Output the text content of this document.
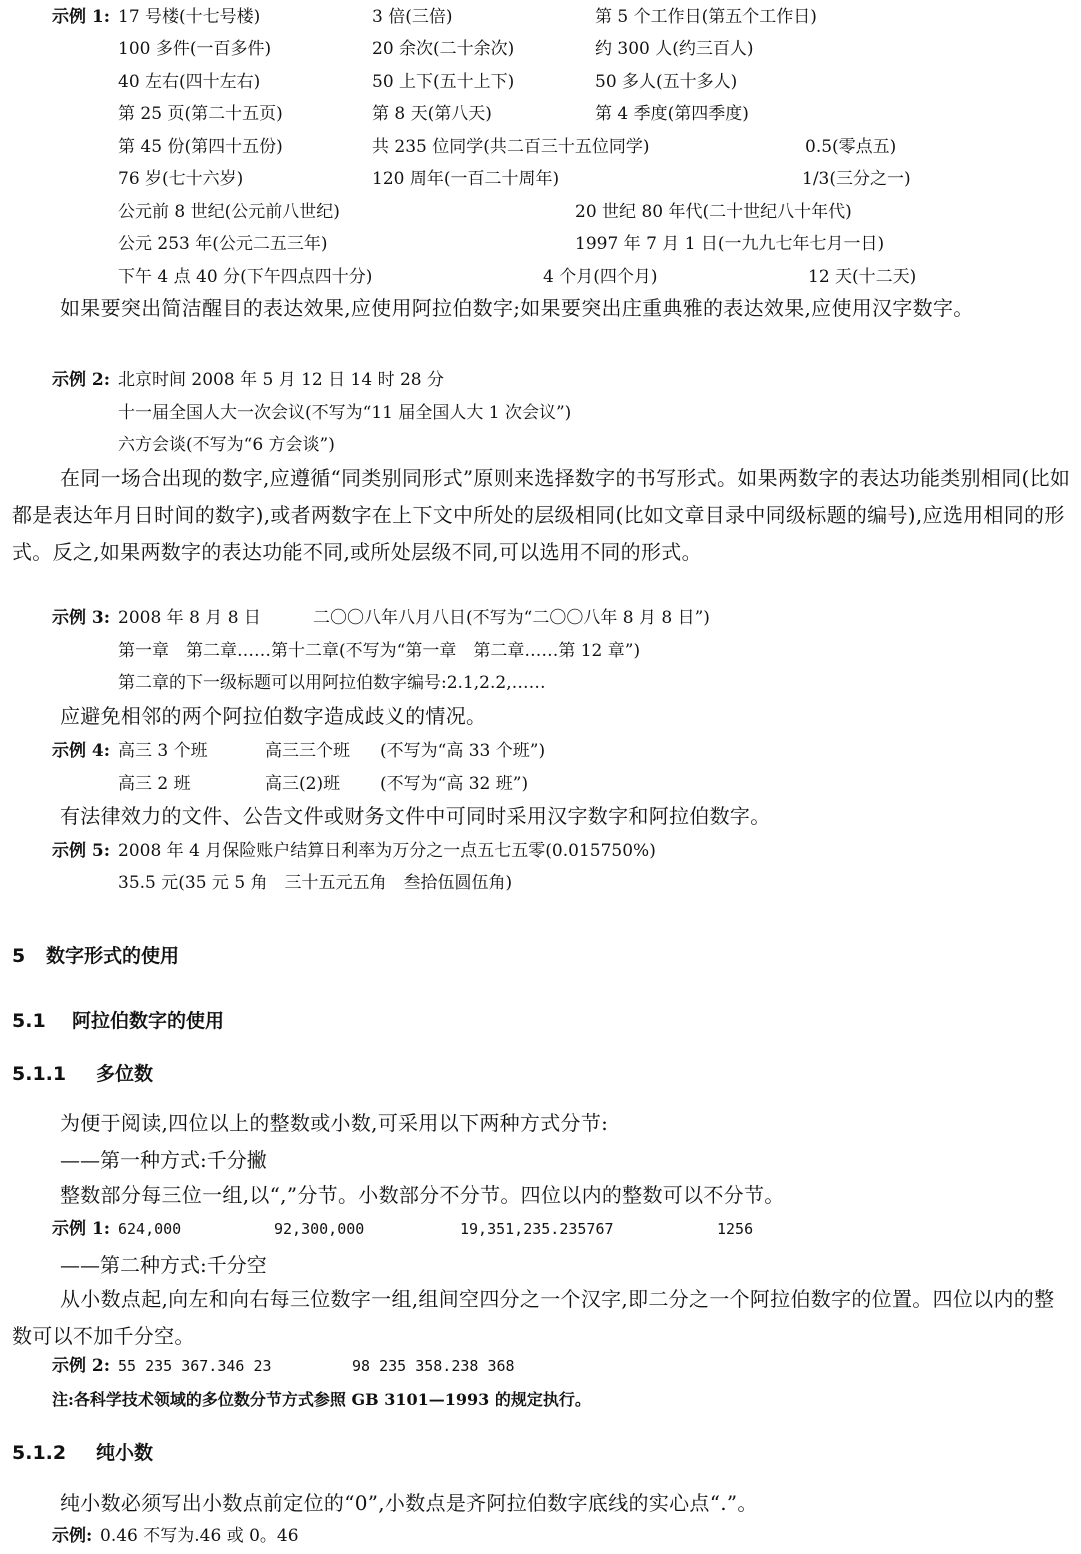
示例 1: 17 号楼(十七号楼)	3 倍(三倍)	第 5 个工作日(第五个工作日)
100 多件(一百多件)	20 余次(二十余次)	约 300 人(约三百人)
40 左右(四十左右)	50 上下(五十上下)	50 多人(五十多人)
第 25 页(第二十五页)	第 8 天(第八天)	第 4 季度(第四季度)
第 45 份(第四十五份)	共 235 位同学(共二百三十五位同学)	0.5(零点五)
76 岁(七十六岁)	120 周年(一百二十周年)	1/3(三分之一)
公元前 8 世纪(公元前八世纪)	20 世纪 80 年代(二十世纪八十年代)
公元 253 年(公元二五三年)	1997 年 7 月 1 日(一九九七年七月一日)
下午 4 点 40 分(下午四点四十分)	4 个月(四个月)	12 天(十二天)
如果要突出简洁醒目的表达效果,应使用阿拉伯数字;如果要突出庄重典雅的表达效果,应使用汉字数字。
示例 2: 北京时间 2008 年 5 月 12 日 14 时 28 分
十一届全国人大一次会议(不写为“11 届全国人大 1 次会议”)
六方会谈(不写为“6 方会谈”)
在同一场合出现的数字,应遵循“同类别同形式”原则来选择数字的书写形式。如果两数字的表达功能类别相同(比如都是表达年月日时间的数字),或者两数字在上下文中所处的层级相同(比如文章目录中同级标题的编号),应选用相同的形式。反之,如果两数字的表达功能不同,或所处层级不同,可以选用不同的形式。
示例 3: 2008 年 8 月 8 日	二〇〇八年八月八日(不写为“二〇〇八年 8 月 8 日”)
第一章　第二章……第十二章(不写为“第一章　第二章……第 12 章”)
第二章的下一级标题可以用阿拉伯数字编号:2.1,2.2,……
应避免相邻的两个阿拉伯数字造成歧义的情况。
示例 4: 高三 3 个班	高三三个班 (不写为“高 33 个班”)
高三 2 班	高三(2)班 (不写为“高 32 班”)
有法律效力的文件、公告文件或财务文件中可同时采用汉字数字和阿拉伯数字。
示例 5: 2008 年 4 月保险账户结算日利率为万分之一点五七五零(0.015750%)
35.5 元(35 元 5 角　三十五元五角　叁拾伍圆伍角)
5 数字形式的使用
5.1 阿拉伯数字的使用
5.1.1 多位数
为便于阅读,四位以上的整数或小数,可采用以下两种方式分节:
——第一种方式:千分撇
整数部分每三位一组,以“,”分节。小数部分不分节。四位以内的整数可以不分节。
示例 1: 624,000	92,300,000	19,351,235.235767	1256
——第二种方式:千分空
从小数点起,向左和向右每三位数字一组,组间空四分之一个汉字,即二分之一个阿拉伯数字的位置。四位以内的整数可以不加千分空。
示例 2: 55 235 367.346 23	98 235 358.238 368
注:各科学技术领域的多位数分节方式参照 GB 3101—1993 的规定执行。
5.1.2 纯小数
纯小数必须写出小数点前定位的“0”,小数点是齐阿拉伯数字底线的实心点“.”。
示例: 0.46 不写为.46 或 0。46
